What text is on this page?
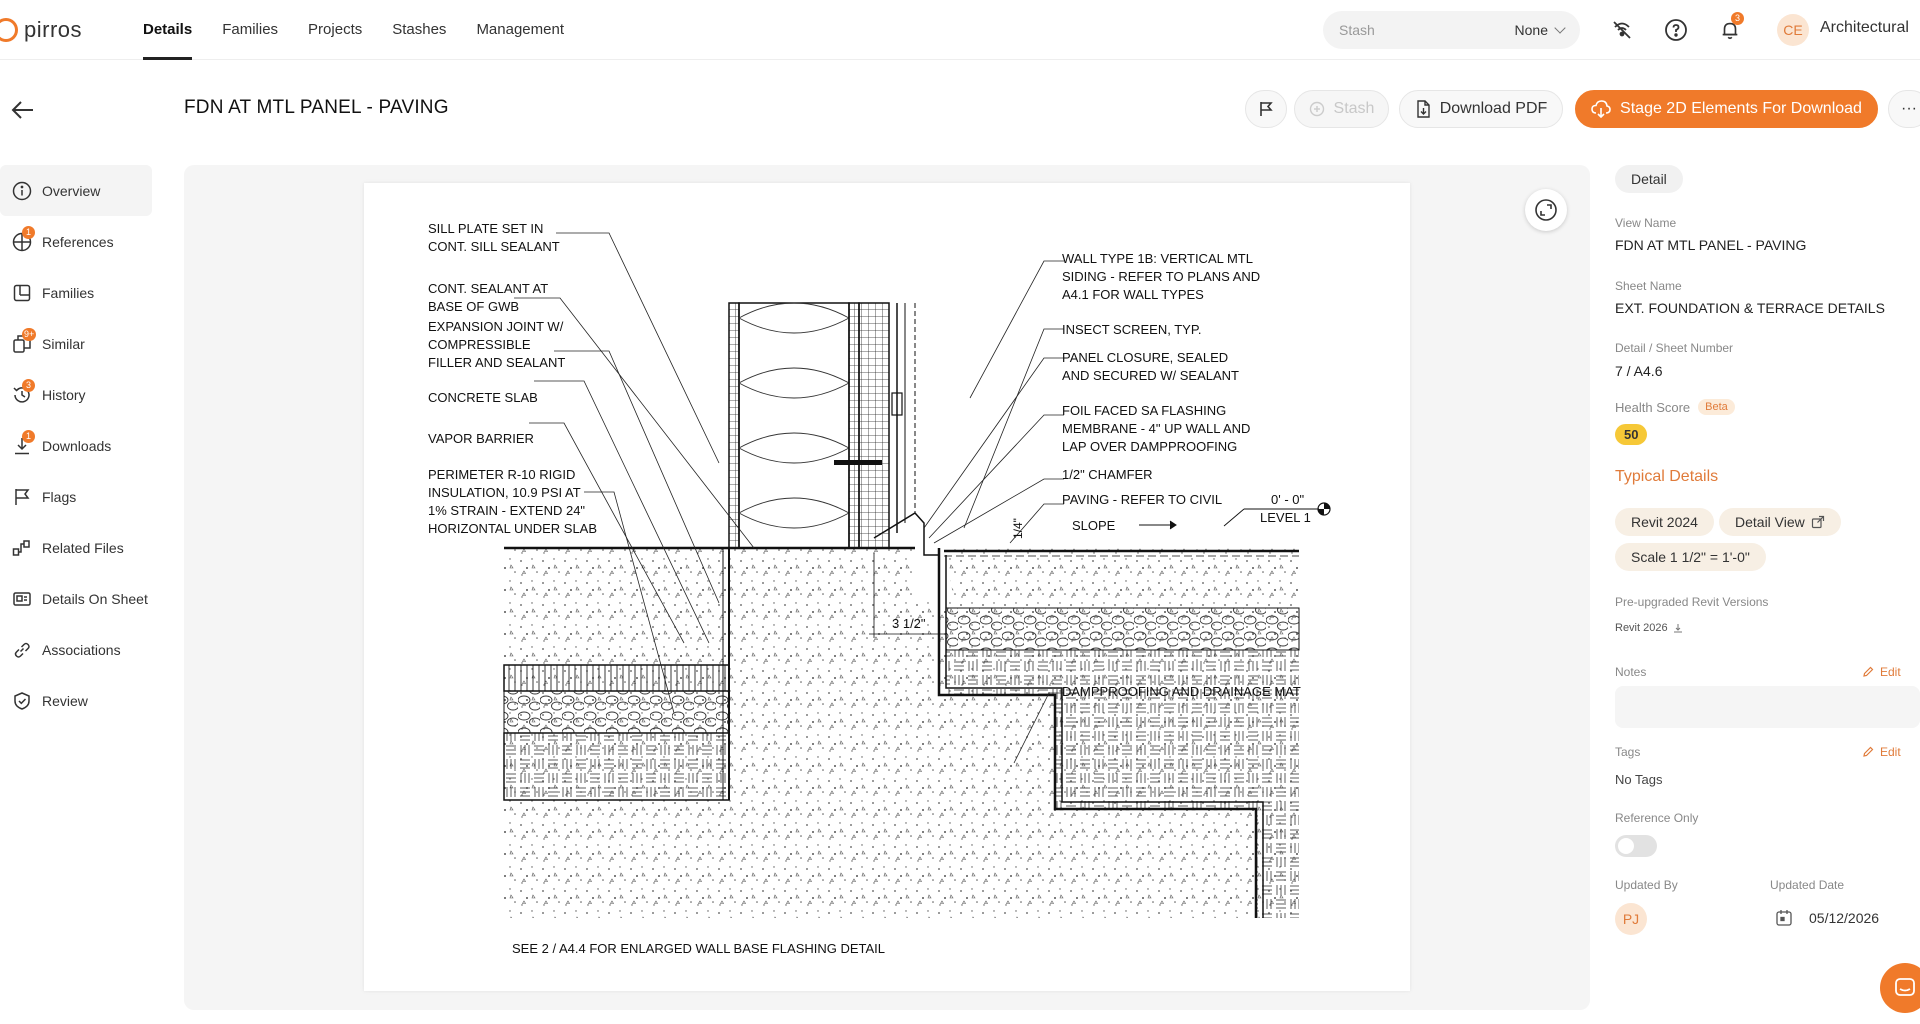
pirros	Details	Families	Projects	Stashes	Management	Stash	None
3
CE	Architectural
FDN AT MTL PANEL - PAVING	Stash	Download PDF	Stage 2D Elements For Download ···
Overview
1
References
Families
9+
Similar
3
History
1
Downloads
Flags
Related Files
Details On Sheet
Associations
Review
3 1/2"
SILL PLATE SET IN
CONT. SILL SEALANT
CONT. SEALANT AT
BASE OF GWB
EXPANSION JOINT W/
COMPRESSIBLE
FILLER AND SEALANT
CONCRETE SLAB
VAPOR BARRIER
PERIMETER R-10 RIGID
INSULATION, 10.9 PSI AT
1% STRAIN - EXTEND 24"
HORIZONTAL UNDER SLAB
WALL TYPE 1B: VERTICAL MTL
SIDING - REFER TO PLANS AND
A4.1 FOR WALL TYPES
INSECT SCREEN, TYP.
PANEL CLOSURE, SEALED
AND SECURED W/ SEALANT
FOIL FACED SA FLASHING
MEMBRANE - 4" UP WALL AND
LAP OVER DAMPPROOFING
1/2" CHAMFER
PAVING - REFER TO CIVIL
SLOPE
DAMPPROOFING AND DRAINAGE MAT
0' - 0"
LEVEL 1
1/4"
SEE 2 / A4.4 FOR ENLARGED WALL BASE FLASHING DETAIL
Detail
View Name
FDN AT MTL PANEL - PAVING
Sheet Name
EXT. FOUNDATION & TERRACE DETAILS
Detail / Sheet Number
7 / A4.6
Health Score	Beta
50
Typical Details
Revit 2024	Detail View
Scale 1 1/2" = 1'-0"
Pre-upgraded Revit Versions
Revit 2026
Notes	Edit
Tags	Edit
No Tags
Reference Only
Updated By
PJ
Updated Date
05/12/2026
